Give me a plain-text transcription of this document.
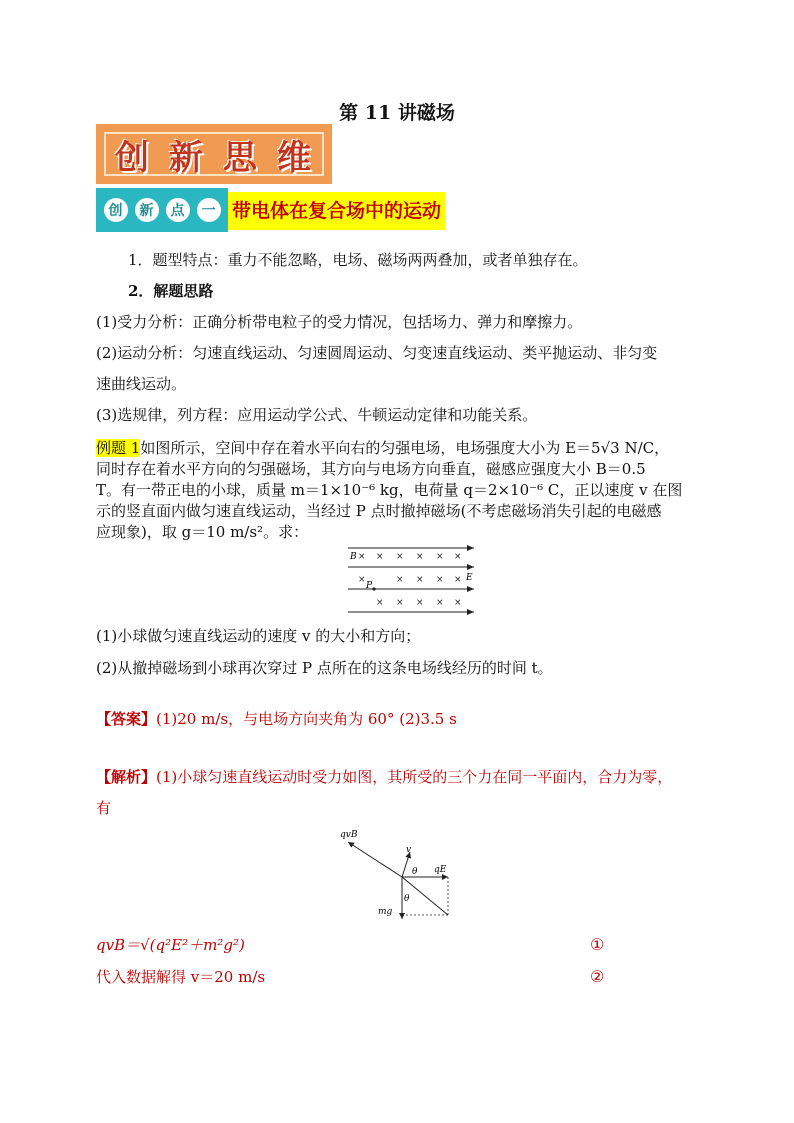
第 11 讲磁场
创 新 思 维
创	新	点	一 带电体在复合场中的运动
1．题型特点：重力不能忽略，电场、磁场两两叠加，或者单独存在。
2．解题思路
(1)受力分析：正确分析带电粒子的受力情况，包括场力、弹力和摩擦力。
(2)运动分析：匀速直线运动、匀速圆周运动、匀变速直线运动、类平抛运动、非匀变
速曲线运动。
(3)选规律，列方程：应用运动学公式、牛顿运动定律和功能关系。
例题 1如图所示，空间中存在着水平向右的匀强电场，电场强度大小为 E＝5√3 N/C，
同时存在着水平方向的匀强磁场，其方向与电场方向垂直，磁感应强度大小 B＝0.5
T。有一带正电的小球，质量 m＝1×10⁻⁶ kg，电荷量 q＝2×10⁻⁶ C，正以速度 v 在图
示的竖直面内做匀速直线运动，当经过 P 点时撤掉磁场(不考虑磁场消失引起的电磁感
应现象)，取 g＝10 m/s²。求：
B
E
P
× × × × × ×
×	× × × ×
× × × × ×
(1)小球做匀速直线运动的速度 v 的大小和方向；
(2)从撤掉磁场到小球再次穿过 P 点所在的这条电场线经历的时间 t。
【答案】(1)20 m/s，与电场方向夹角为 60° (2)3.5 s
【解析】(1)小球匀速直线运动时受力如图，其所受的三个力在同一平面内，合力为零，
有
qvB
v
θ qE
θ
mg
qvB＝√(q²E²＋m²g²)	①
代入数据解得 v＝20 m/s	②
